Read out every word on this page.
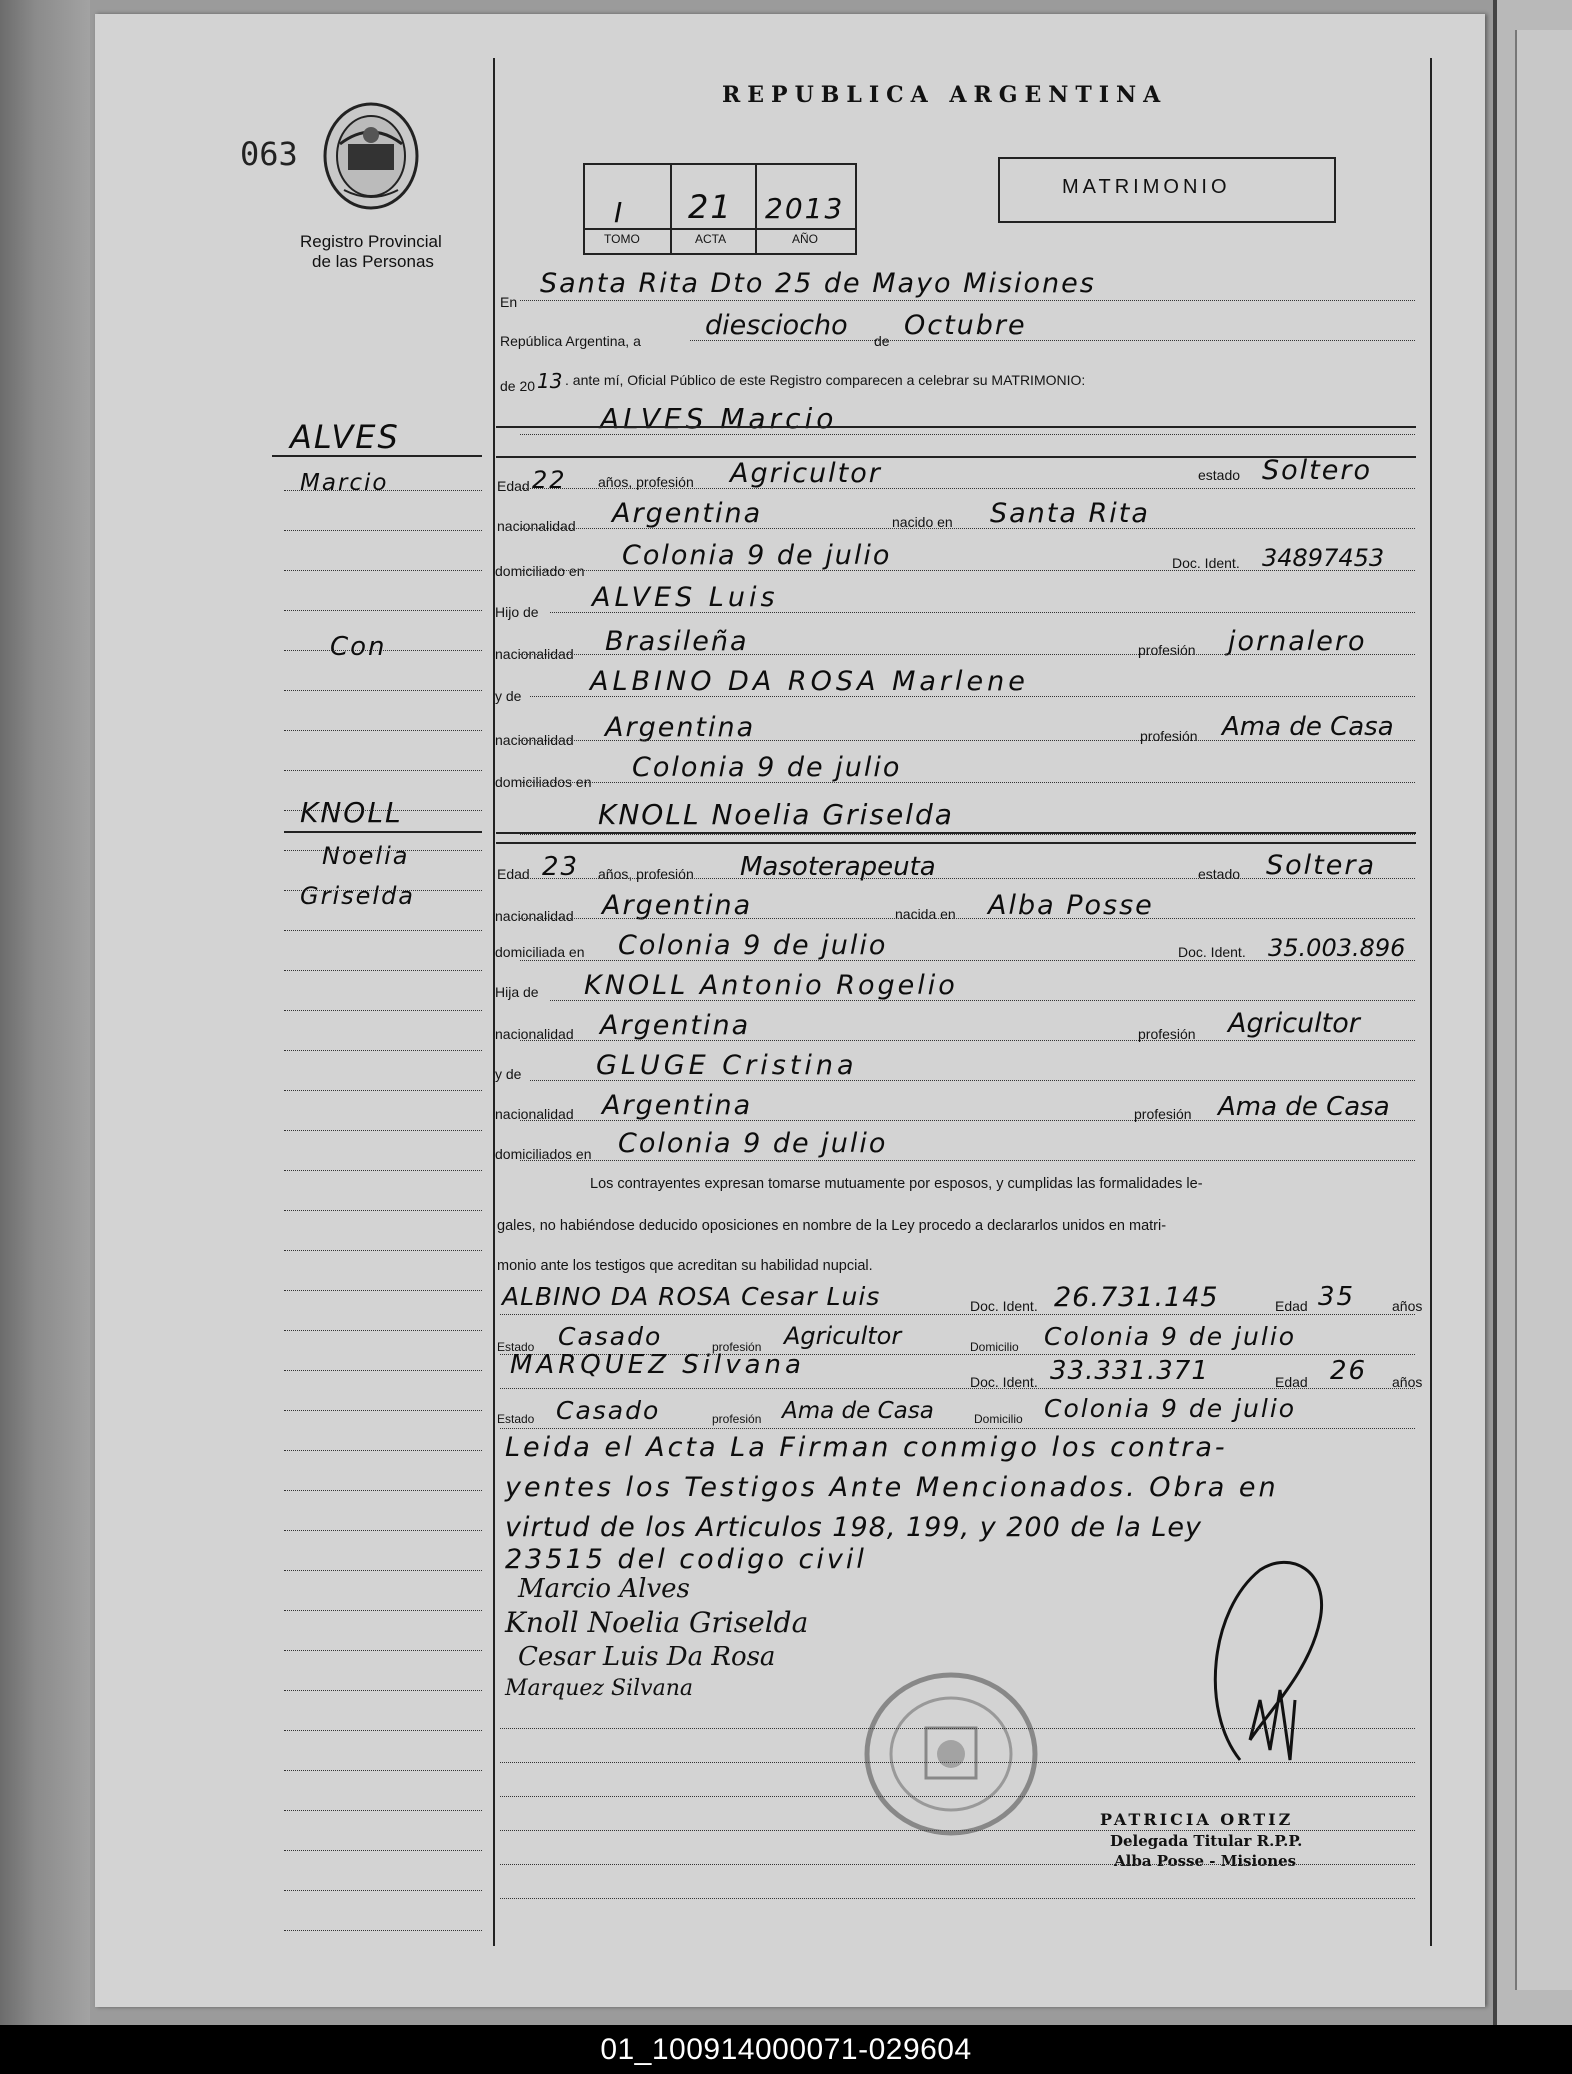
063
Registro Provincial
de las Personas
REPUBLICA ARGENTINA
I 21 2013
TOMO	ACTA	AÑO
MATRIMONIO
ALVES
Marcio
Con
KNOLL
Noelia
Griselda
En
Santa Rita Dto 25 de Mayo Misiones
República Argentina, a diesciocho de Octubre
de 20 13 . ante mí, Oficial Público de este Registro comparecen a celebrar su MATRIMONIO:
ALVES Marcio
Edad 22 años, profesión Agricultor	estado Soltero
nacionalidad Argentina	nacido en Santa Rita
domiciliado en Colonia 9 de julio	Doc. Ident. 34897453
Hijo de ALVES Luis
nacionalidad Brasileña	profesión jornalero
y de	ALBINO DA ROSA Marlene
nacionalidad Argentina	profesión Ama de Casa
domiciliados en Colonia 9 de julio
KNOLL Noelia Griselda
Edad 23 años, profesión Masoterapeuta	estado Soltera
nacionalidad Argentina	nacida en Alba Posse
domiciliada en Colonia 9 de julio	Doc. Ident. 35.003.896
Hija de KNOLL Antonio Rogelio
nacionalidad Argentina	profesión Agricultor
y de	GLUGE Cristina
nacionalidad Argentina	profesión Ama de Casa
domiciliados en Colonia 9 de julio
Los contrayentes expresan tomarse mutuamente por esposos, y cumplidas las formalidades le-
gales, no habiéndose deducido oposiciones en nombre de la Ley procedo a declararlos unidos en matri-
monio ante los testigos que acreditan su habilidad nupcial.
ALBINO DA ROSA Cesar Luis	Doc. Ident. 26.731.145	Edad 35	años
Estado Casado	profesión Agricultor	Domicilio Colonia 9 de julio
MARQUEZ Silvana
Doc. Ident. 33.331.371	Edad 26 años
Estado Casado	profesión Ama de Casa	Domicilio Colonia 9 de julio
Leida el Acta La Firman conmigo los contra-
yentes los Testigos Ante Mencionados. Obra en
virtud de los Articulos 198, 199, y 200 de la Ley
23515 del codigo civil
Marcio Alves
Knoll Noelia Griselda
Cesar Luis Da Rosa
Marquez Silvana
PATRICIA ORTIZ
Delegada Titular R.P.P.
Alba Posse - Misiones
01_100914000071-029604
